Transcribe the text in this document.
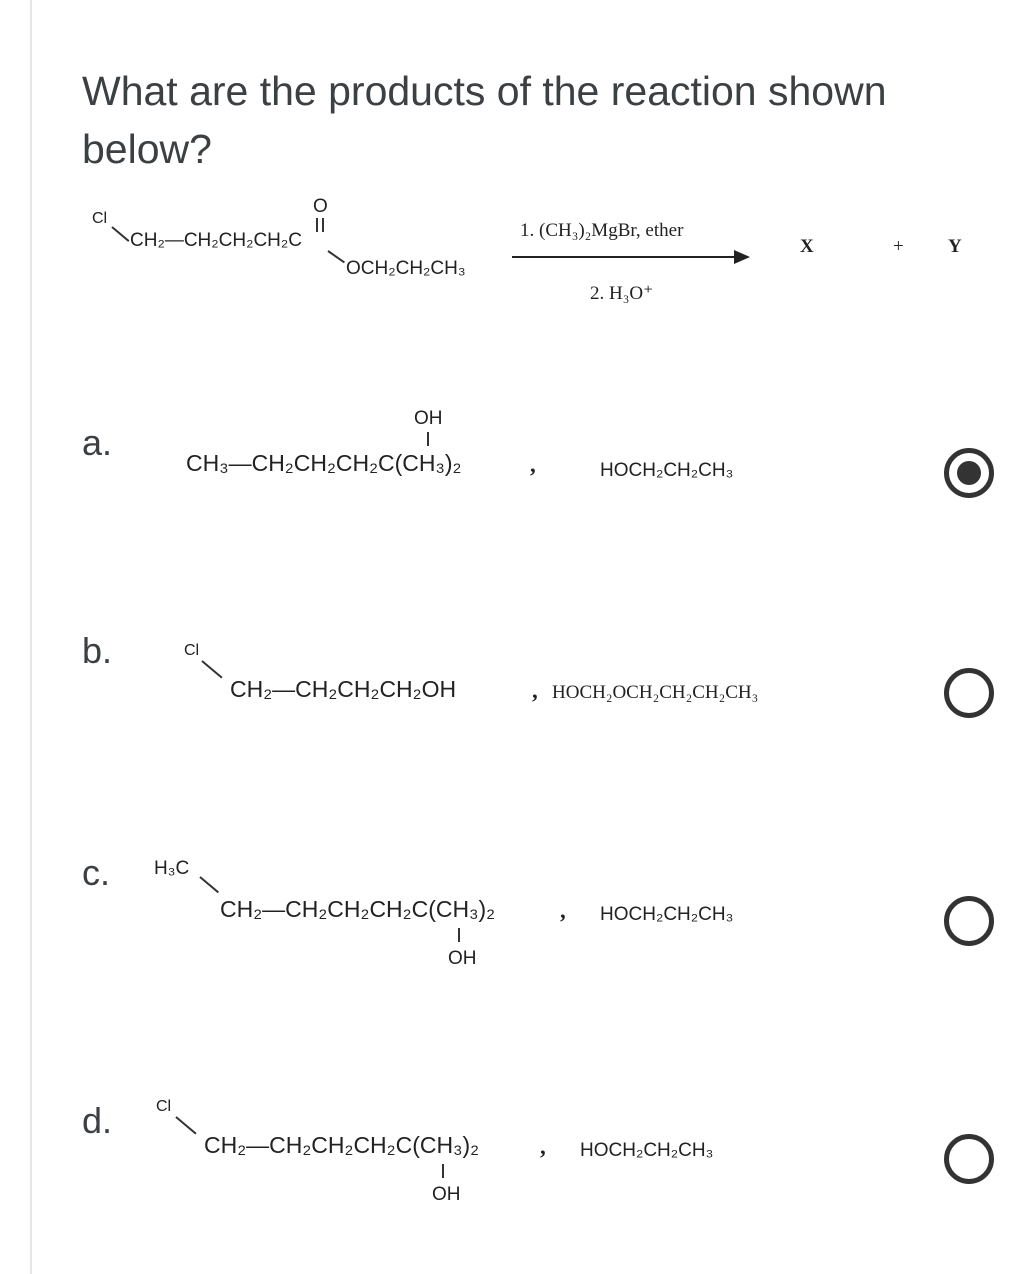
What are the products of the reaction shown below?
Cl
O
CH₂—CH₂CH₂CH₂C
OCH₂CH₂CH₃
1. (CH₃)₂MgBr, ether
2. H₃O⁺
X	+ Y
a.
OH
CH₃—CH₂CH₂CH₂C(CH₃)₂	,	HOCH₂CH₂CH₃
b.	Cl
CH₂—CH₂CH₂CH₂OH	, HOCH₂OCH₂CH₂CH₂CH₃
c. H₃C
CH₂—CH₂CH₂CH₂C(CH₃)₂	,
OH
HOCH₂CH₂CH₃
d.	Cl
CH₂—CH₂CH₂CH₂C(CH₃)₂	,
OH
HOCH₂CH₂CH₃
